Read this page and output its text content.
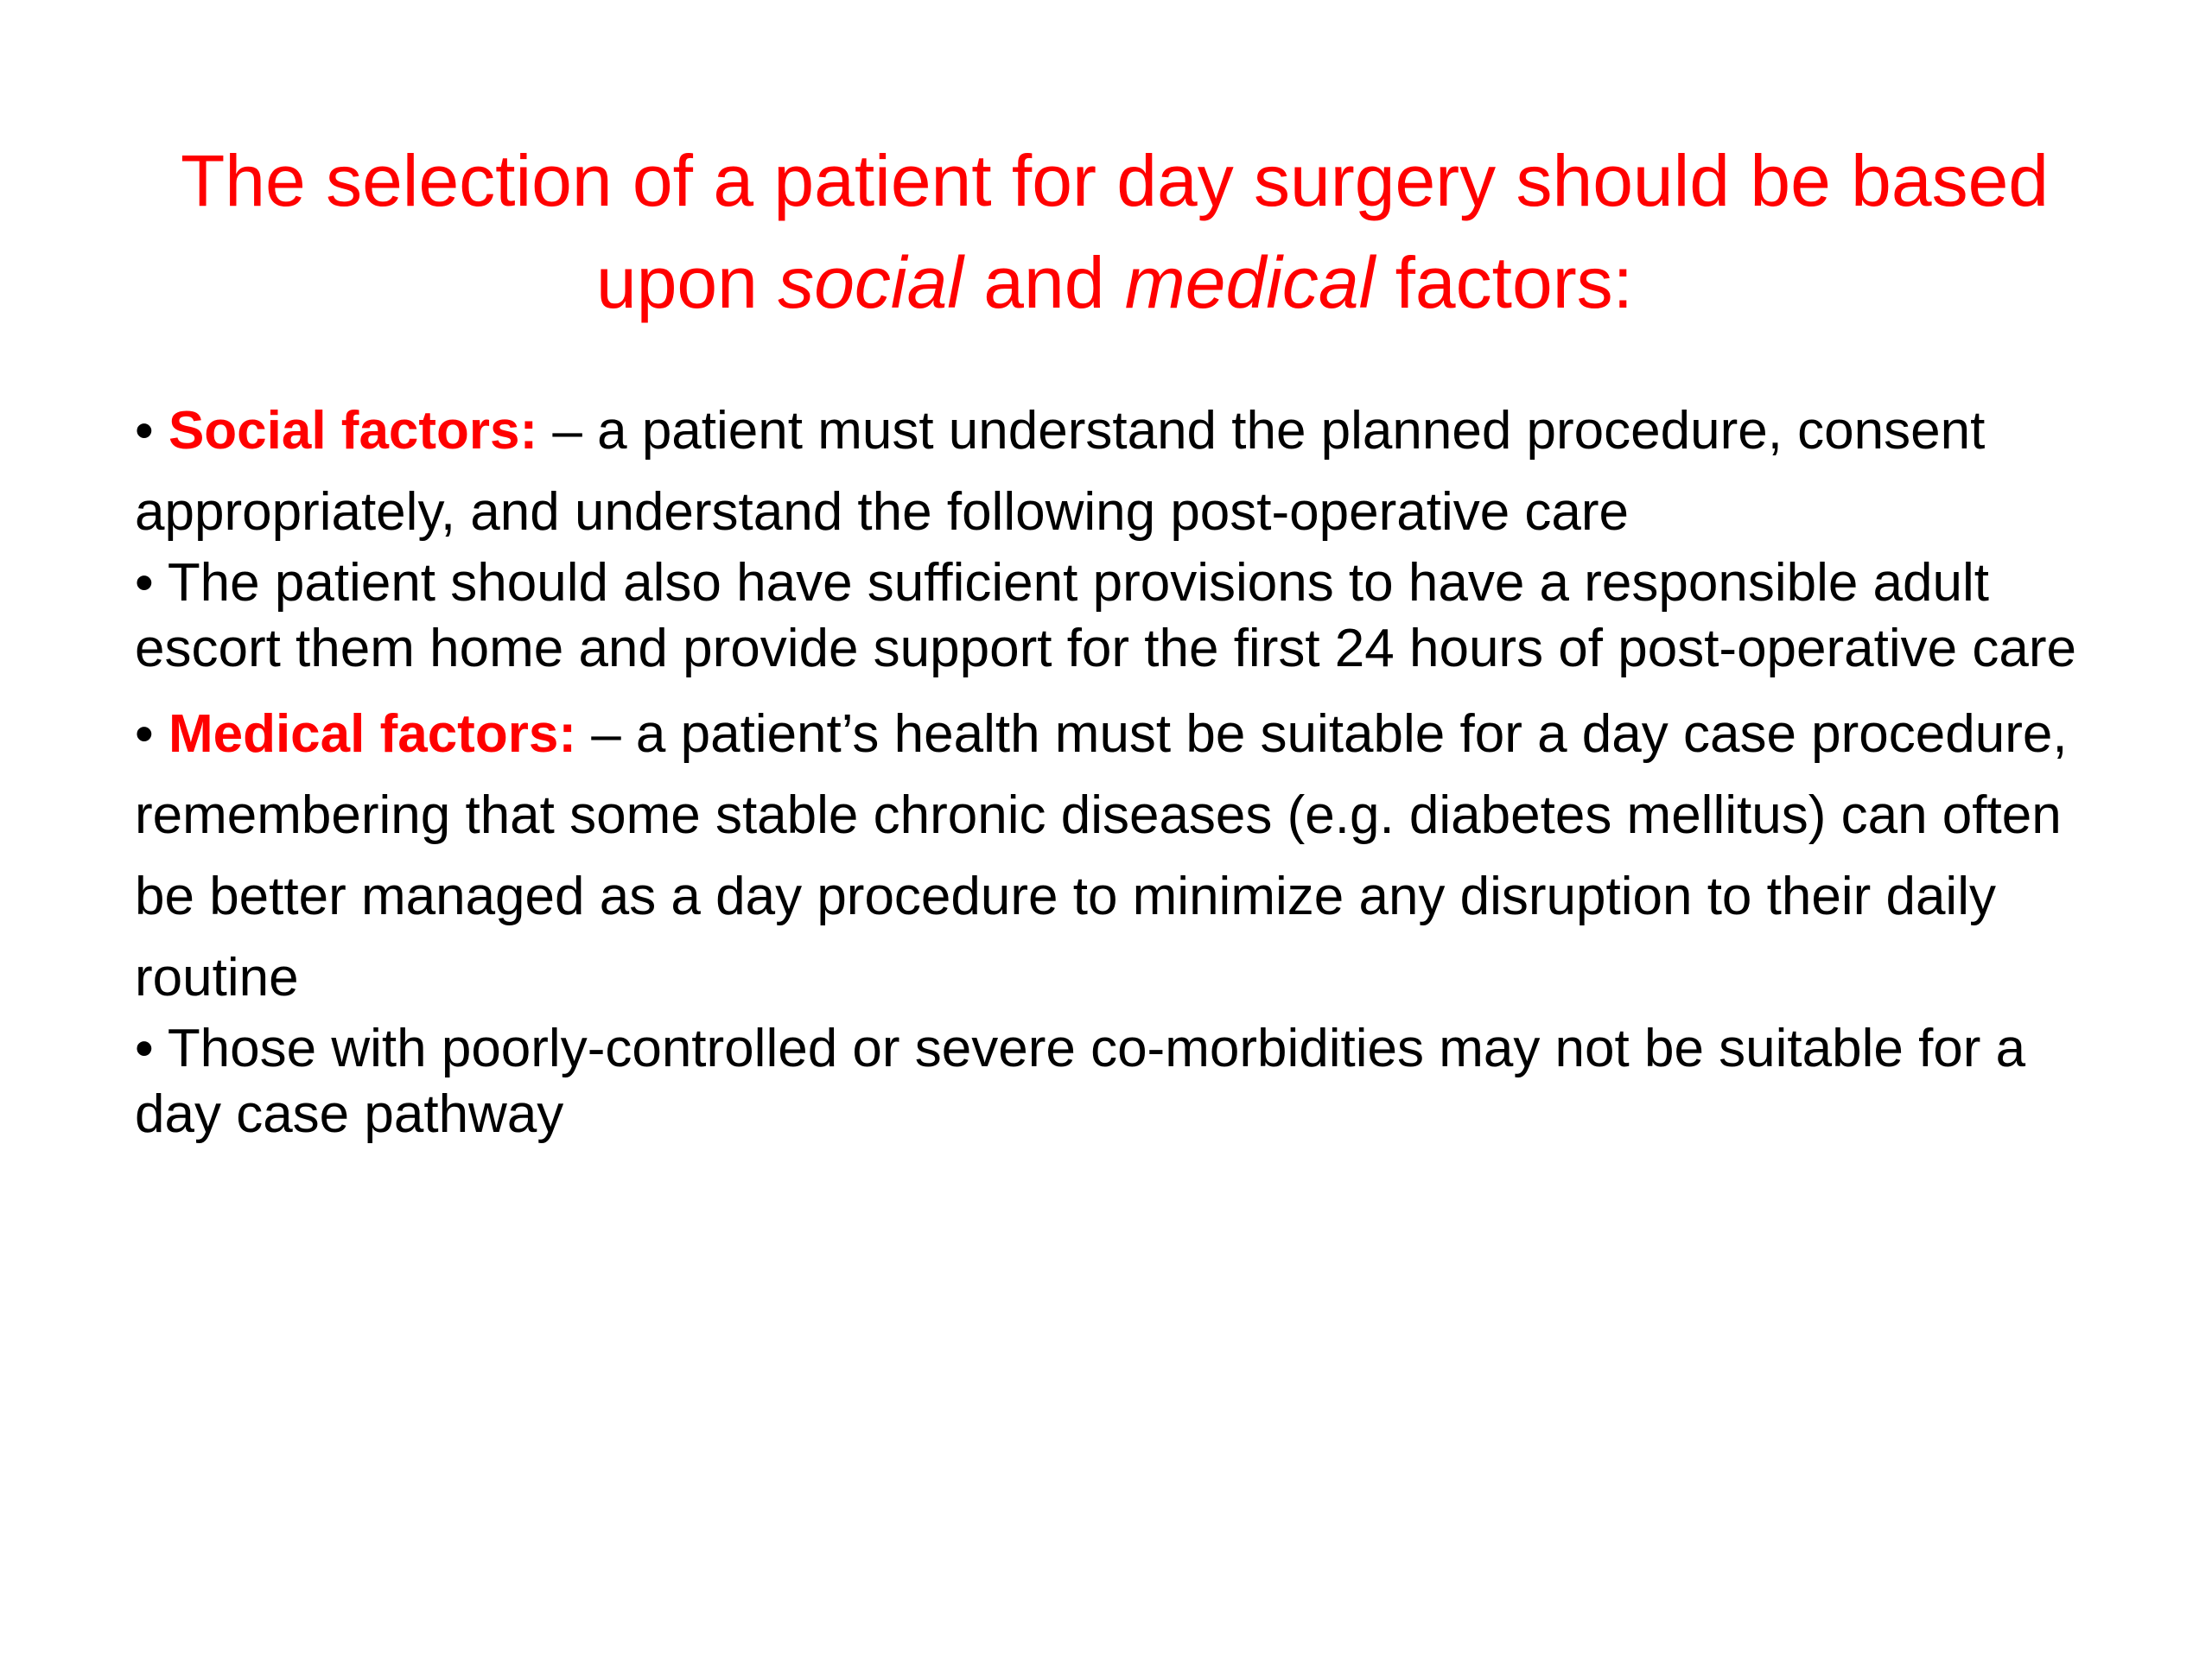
The selection of a patient for day surgery should be based upon social and medical factors:

• Social factors: – a patient must understand the planned procedure, consent appropriately, and understand the following post-operative care

• The patient should also have sufficient provisions to have a responsible adult escort them home and provide support for the first 24 hours of post-operative care

• Medical factors: – a patient’s health must be suitable for a day case procedure, remembering that some stable chronic diseases (e.g. diabetes mellitus) can often be better managed as a day procedure to minimize any disruption to their daily routine

• Those with poorly-controlled or severe co-morbidities may not be suitable for a day case pathway
